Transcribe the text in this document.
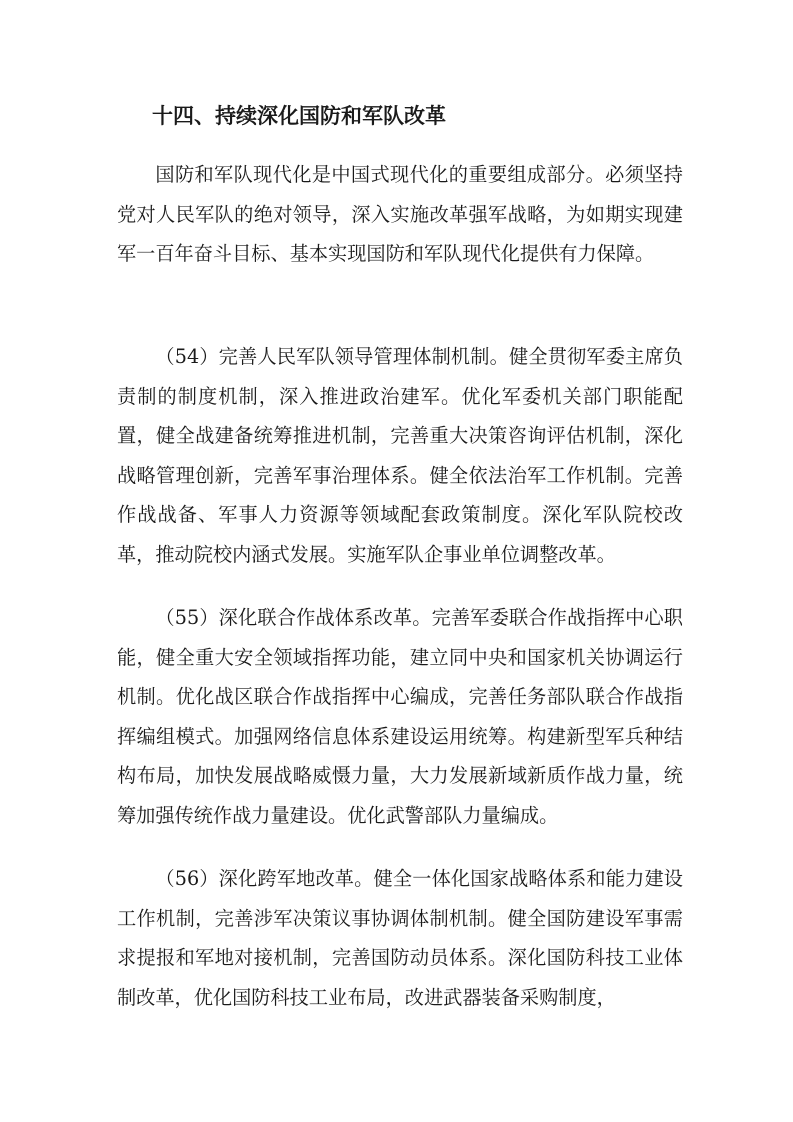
十四、持续深化国防和军队改革

国防和军队现代化是中国式现代化的重要组成部分。必须坚持党对人民军队的绝对领导，深入实施改革强军战略，为如期实现建军一百年奋斗目标、基本实现国防和军队现代化提供有力保障。

（54）完善人民军队领导管理体制机制。健全贯彻军委主席负责制的制度机制，深入推进政治建军。优化军委机关部门职能配置，健全战建备统筹推进机制，完善重大决策咨询评估机制，深化战略管理创新，完善军事治理体系。健全依法治军工作机制。完善作战战备、军事人力资源等领域配套政策制度。深化军队院校改革，推动院校内涵式发展。实施军队企事业单位调整改革。

（55）深化联合作战体系改革。完善军委联合作战指挥中心职能，健全重大安全领域指挥功能，建立同中央和国家机关协调运行机制。优化战区联合作战指挥中心编成，完善任务部队联合作战指挥编组模式。加强网络信息体系建设运用统筹。构建新型军兵种结构布局，加快发展战略威慑力量，大力发展新域新质作战力量，统筹加强传统作战力量建设。优化武警部队力量编成。

（56）深化跨军地改革。健全一体化国家战略体系和能力建设工作机制，完善涉军决策议事协调体制机制。健全国防建设军事需求提报和军地对接机制，完善国防动员体系。深化国防科技工业体制改革，优化国防科技工业布局，改进武器装备采购制度，
